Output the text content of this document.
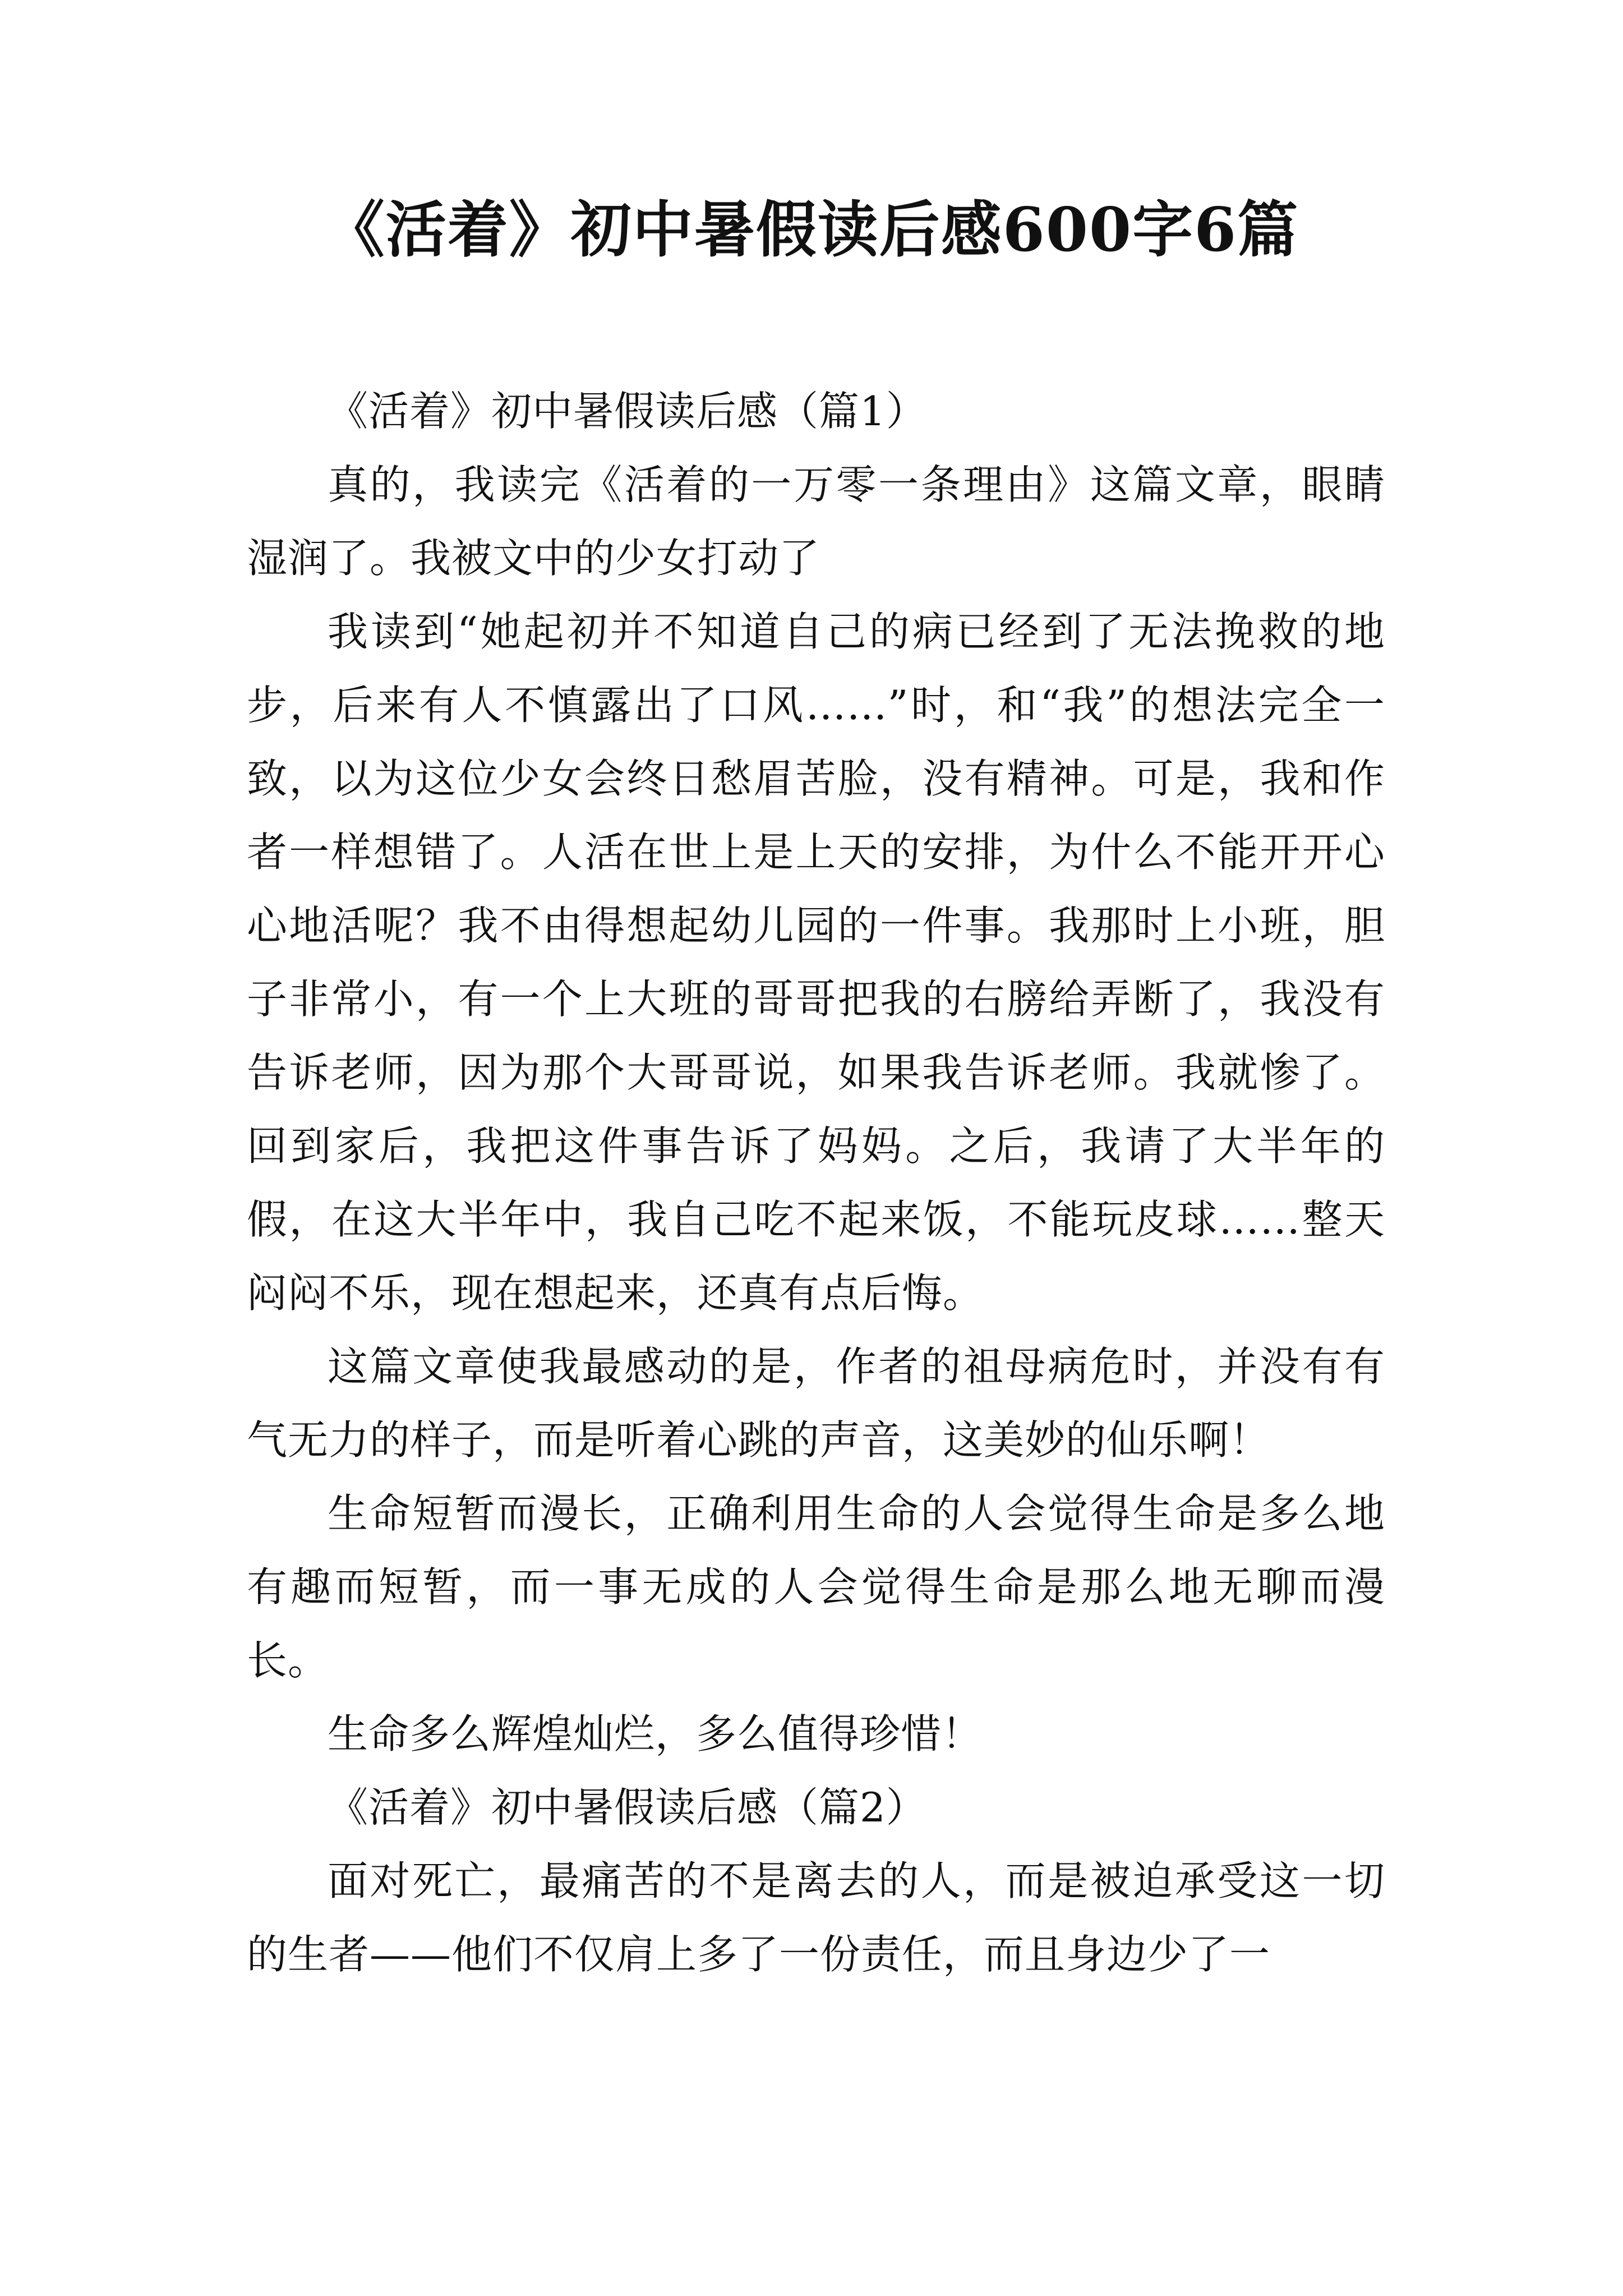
《活着》初中暑假读后感600字6篇

《活着》初中暑假读后感（篇1）

真的，我读完《活着的一万零一条理由》这篇文章，眼睛湿润了。我被文中的少女打动了

我读到“她起初并不知道自己的病已经到了无法挽救的地步，后来有人不慎露出了口风……”时，和“我”的想法完全一致，以为这位少女会终日愁眉苦脸，没有精神。可是，我和作者一样想错了。人活在世上是上天的安排，为什么不能开开心心地活呢？我不由得想起幼儿园的一件事。我那时上小班，胆子非常小，有一个上大班的哥哥把我的右膀给弄断了，我没有告诉老师，因为那个大哥哥说，如果我告诉老师。我就惨了。回到家后，我把这件事告诉了妈妈。之后，我请了大半年的假，在这大半年中，我自己吃不起来饭，不能玩皮球……整天闷闷不乐，现在想起来，还真有点后悔。

这篇文章使我最感动的是，作者的祖母病危时，并没有有气无力的样子，而是听着心跳的声音，这美妙的仙乐啊！

生命短暂而漫长，正确利用生命的人会觉得生命是多么地有趣而短暂，而一事无成的人会觉得生命是那么地无聊而漫长。

生命多么辉煌灿烂，多么值得珍惜！

《活着》初中暑假读后感（篇2）

面对死亡，最痛苦的不是离去的人，而是被迫承受这一切的生者——他们不仅肩上多了一份责任，而且身边少了一
